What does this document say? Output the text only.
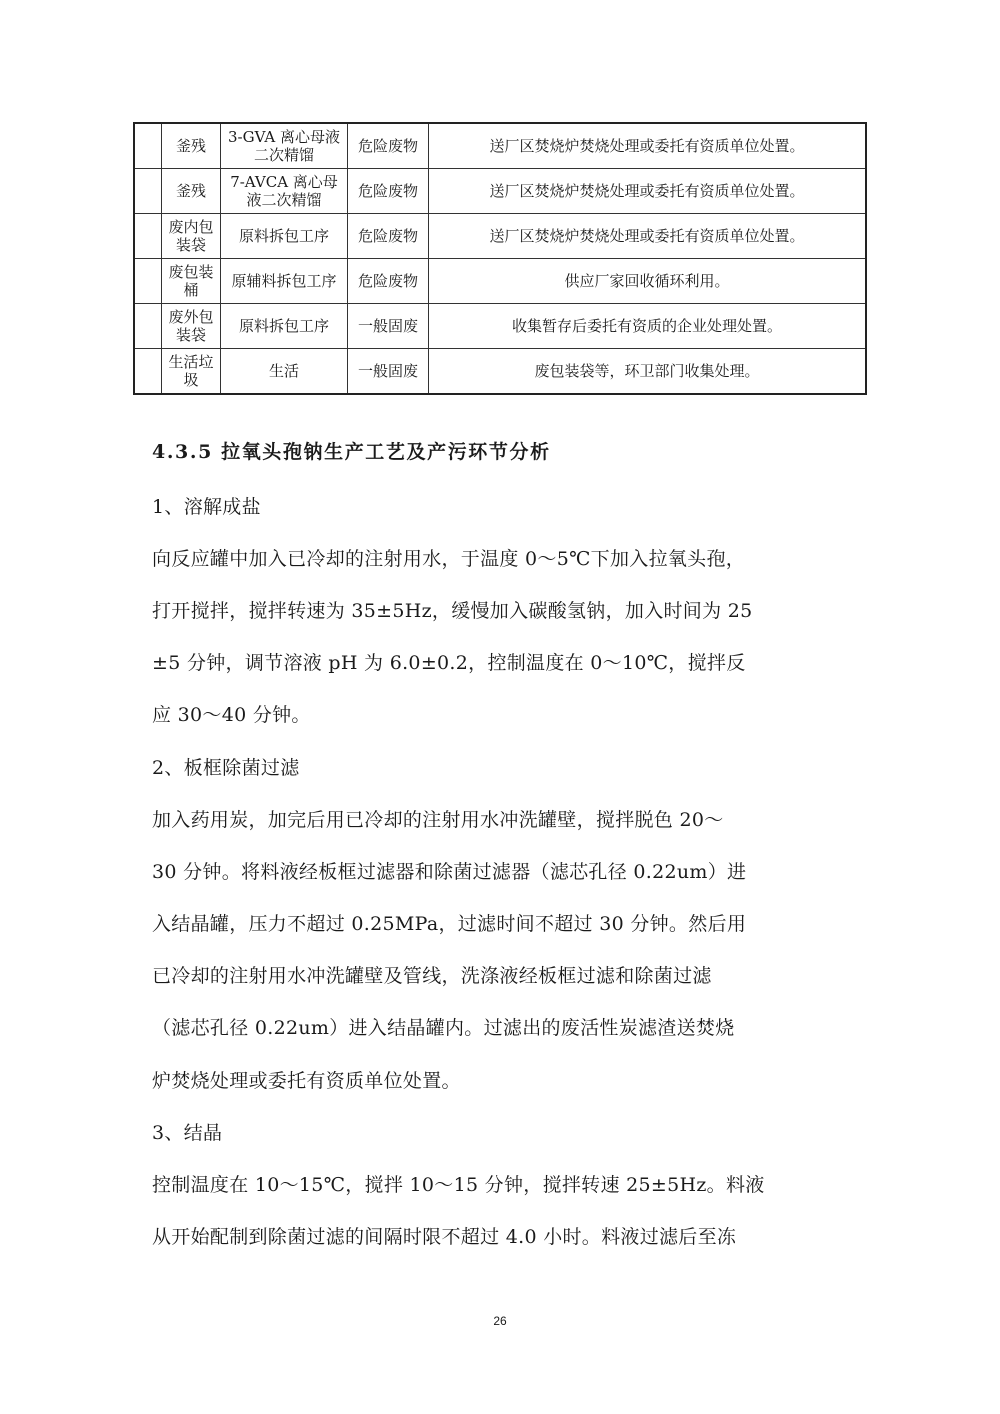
	釜残	3-GVA 离心母液二次精馏	危险废物	送厂区焚烧炉焚烧处理或委托有资质单位处置。
	釜残	7-AVCA 离心母液二次精馏	危险废物	送厂区焚烧炉焚烧处理或委托有资质单位处置。
	废内包装袋	原料拆包工序	危险废物	送厂区焚烧炉焚烧处理或委托有资质单位处置。
	废包装桶	原辅料拆包工序	危险废物	供应厂家回收循环利用。
	废外包装袋	原料拆包工序	一般固废	收集暂存后委托有资质的企业处理处置。
	生活垃圾	生活	一般固废	废包装袋等，环卫部门收集处理。
4.3.5 拉氧头孢钠生产工艺及产污环节分析
1、溶解成盐
向反应罐中加入已冷却的注射用水，于温度 0～5℃下加入拉氧头孢，
打开搅拌，搅拌转速为 35±5Hz，缓慢加入碳酸氢钠，加入时间为 25
±5 分钟，调节溶液 pH 为 6.0±0.2，控制温度在 0～10℃，搅拌反
应 30～40 分钟。
2、板框除菌过滤
加入药用炭，加完后用已冷却的注射用水冲洗罐壁，搅拌脱色 20～
30 分钟。将料液经板框过滤器和除菌过滤器（滤芯孔径 0.22um）进
入结晶罐，压力不超过 0.25MPa，过滤时间不超过 30 分钟。然后用
已冷却的注射用水冲洗罐壁及管线，洗涤液经板框过滤和除菌过滤
（滤芯孔径 0.22um）进入结晶罐内。过滤出的废活性炭滤渣送焚烧
炉焚烧处理或委托有资质单位处置。
3、结晶
控制温度在 10～15℃，搅拌 10～15 分钟，搅拌转速 25±5Hz。料液
从开始配制到除菌过滤的间隔时限不超过 4.0 小时。料液过滤后至冻
26
